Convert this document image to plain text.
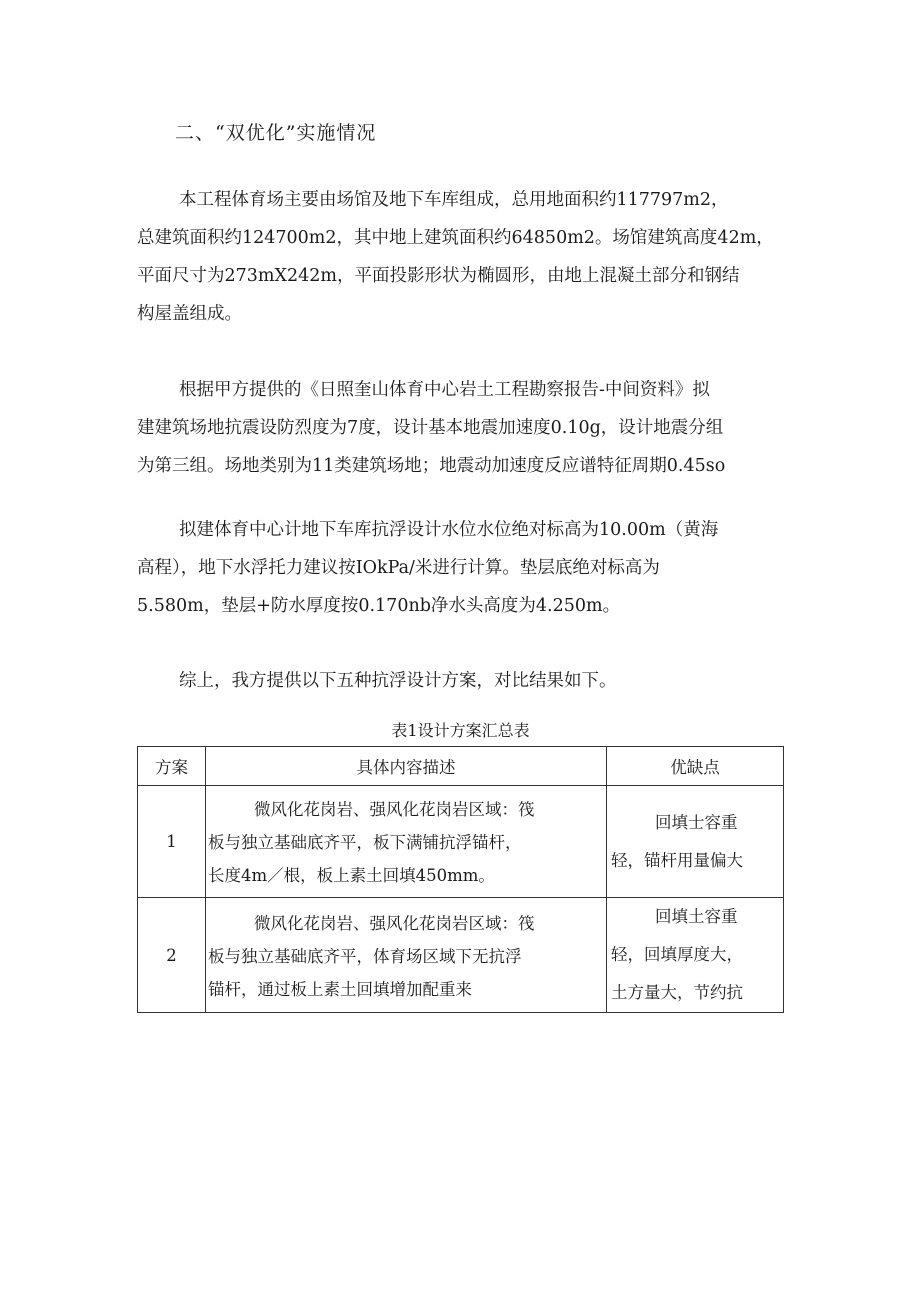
二、“双优化”实施情况

本工程体育场主要由场馆及地下车库组成，总用地面积约117797m2，
总建筑面积约124700m2，其中地上建筑面积约64850m2。场馆建筑高度42m，
平面尺寸为273mX242m，平面投影形状为椭圆形，由地上混凝土部分和钢结
构屋盖组成。

根据甲方提供的《日照奎山体育中心岩土工程勘察报告-中间资料》拟
建建筑场地抗震设防烈度为7度，设计基本地震加速度0.10g，设计地震分组
为第三组。场地类别为11类建筑场地；地震动加速度反应谱特征周期0.45so

拟建体育中心计地下车库抗浮设计水位水位绝对标高为10.00m（黄海
高程），地下水浮托力建议按IOkPa/米进行计算。垫层底绝对标高为
5.580m，垫层+防水厚度按0.170nb净水头高度为4.250m。

综上，我方提供以下五种抗浮设计方案，对比结果如下。

表1设计方案汇总表

方案	具体内容描述	优缺点
1	微风化花岗岩、强风化花岗岩区域：筏
板与独立基础底齐平，板下满铺抗浮锚杆，
长度4m／根，板上素土回填450mm。	回填士容重
轻，锚杆用量偏大

2	微风化花岗岩、强风化花岗岩区域：筏
板与独立基础底齐平，体育场区域下无抗浮
锚杆，通过板上素土回填增加配重来	回填土容重
轻，回填厚度大，
土方量大，节约抗
